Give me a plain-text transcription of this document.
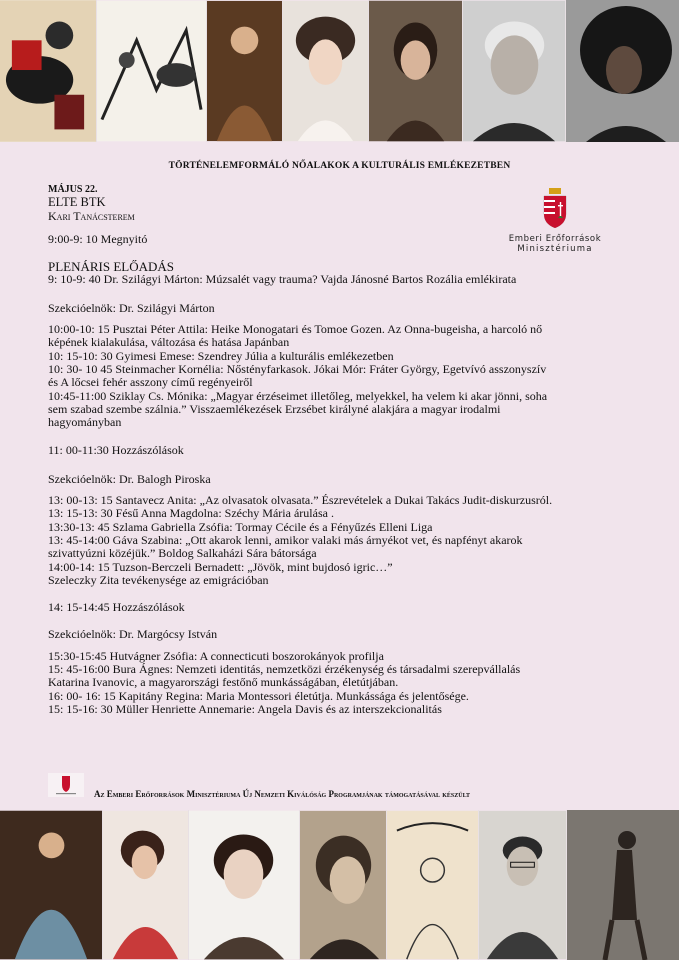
TÖRTÉNELEMFORMÁLÓ NŐALAKOK A KULTURÁLIS EMLÉKEZETBEN
Emberi Erőforrások
Minisztériuma
MÁJUS 22.
ELTE BTK
Kari Tanácsterem
9:00-9: 10 Megnyitó
PLENÁRIS ELŐADÁS
9: 10-9: 40 Dr. Szilágyi Márton: Múzsalét vagy trauma? Vajda Jánosné Bartos Rozália emlékirata
Szekcióelnök: Dr. Szilágyi Márton
10:00-10: 15 Pusztai Péter Attila: Heike Monogatari és Tomoe Gozen. Az Onna-bugeisha, a harcoló nő
képének kialakulása, változása és hatása Japánban
10: 15-10: 30 Gyimesi Emese: Szendrey Júlia a kulturális emlékezetben
10: 30- 10 45 Steinmacher Kornélia: Nőstényfarkasok. Jókai Mór: Fráter György, Egetvívó asszonyszív
és A lőcsei fehér asszony című regényeiről
10:45-11:00 Sziklay Cs. Mónika: „Magyar érzéseimet illetőleg, melyekkel, ha velem ki akar jönni, soha
sem szabad szembe szálnia.” Visszaemlékezések Erzsébet királyné alakjára a magyar irodalmi
hagyományban
11: 00-11:30 Hozzászólások
Szekcióelnök: Dr. Balogh Piroska
13: 00-13: 15 Santavecz Anita: „Az olvasatok olvasata.” Észrevételek a Dukai Takács Judit-diskurzusról.
13: 15-13: 30 Fésű Anna Magdolna: Széchy Mária árulása .
13:30-13: 45 Szlama Gabriella Zsófia: Tormay Cécile és a Fényűzés Elleni Liga
13: 45-14:00 Gáva Szabina: „Ott akarok lenni, amikor valaki más árnyékot vet, és napfényt akarok
szivattyúzni közéjük.” Boldog Salkaházi Sára bátorsága
14:00-14: 15 Tuzson-Berczeli Bernadett: „Jövök, mint bujdosó igric…”
Szeleczky Zita tevékenysége az emigrációban
14: 15-14:45 Hozzászólások
Szekcióelnök: Dr. Margócsy István
15:30-15:45 Hutvágner Zsófia: A connecticuti boszorokányok profilja
15: 45-16:00 Bura Ágnes: Nemzeti identitás, nemzetközi érzékenység és társadalmi szerepvállalás
Katarina Ivanovic, a magyarországi festőnő munkásságában, életútjában.
16: 00- 16: 15 Kapitány Regina: Maria Montessori életútja. Munkássága és jelentősége.
15: 15-16: 30 Müller Henriette Annemarie: Angela Davis és az interszekcionalitás
Az Emberi Erőforrások Minisztériuma Új Nemzeti Kiválóság Programjának támogatásával készült
